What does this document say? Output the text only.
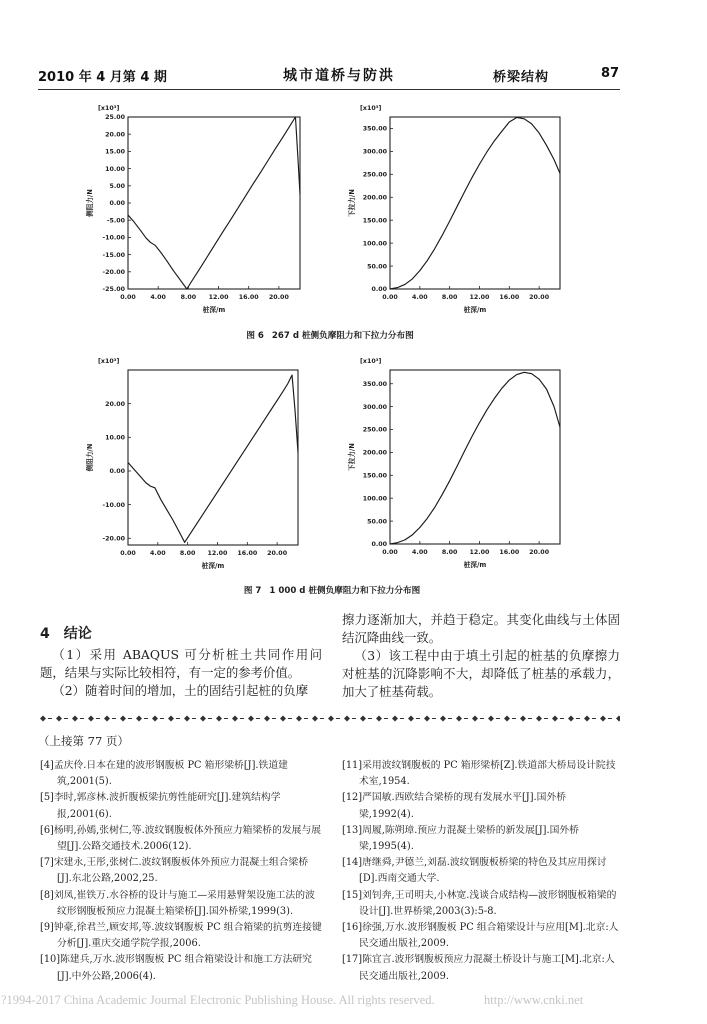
2010 年 4 月第 4 期	城市道桥与防洪	桥梁结构	87
25.00
20.00
15.00
10.00
5.00
0.00
-5.00
-10.00
-15.00
-20.00
-25.00
0.00 4.00 8.00 12.00 16.00 20.00
[x10³]
桩深/m
侧阻力/N
0.00
50.00
100.00
150.00
200.00
250.00
300.00
350.00
0.00 4.00 8.00 12.00 16.00 20.00
[x10³]
桩深/m
下拉力/N
图 6 267 d 桩侧负摩阻力和下拉力分布图
20.00
10.00
0.00
-10.00
-20.00
0.00 4.00 8.00 12.00 16.00 20.00
[x10³]
桩深/m
侧阻力/N
0.00
50.00
100.00
150.00
200.00
250.00
300.00
350.00
0.00 4.00 8.00 12.00 16.00 20.00
[x10³]
桩深/m
下拉力/N
图 7 1 000 d 桩侧负摩阻力和下拉力分布图
4 结论

（1）采用 ABAQUS 可分析桩土共同作用问题，结果与实际比较相符，有一定的参考价值。

（2）随着时间的增加，土的固结引起桩的负摩

擦力逐渐加大，并趋于稳定。其变化曲线与土体固结沉降曲线一致。

（3）该工程中由于填土引起的桩基的负摩擦力对桩基的沉降影响不大，却降低了桩基的承载力，加大了桩基荷载。

（上接第 77 页）
[4]孟庆伶.日本在建的波形钢腹板 PC 箱形梁桥[J].铁道建筑,2001(5).
[5]李时,郭彦林.波折腹板梁抗剪性能研究[J].建筑结构学报,2001(6).
[6]杨明,孙嫣,张树仁,等.波纹钢腹板体外预应力箱梁桥的发展与展望[J].公路交通技术.2006(12).
[7]宋建永,王彤,张树仁.波纹钢腹板体外预应力混凝土组合梁桥[J].东北公路,2002,25.
[8]刘凤,崔铁万.水谷桥的设计与施工—采用悬臂架设施工法的波纹形钢腹板预应力混凝土箱梁桥[J].国外桥梁,1999(3).
[9]钟豪,徐君兰,顾安邦,等.波纹钢腹板 PC 组合箱梁的抗剪连接键分析[J].重庆交通学院学报,2006.
[10]陈建兵,万水.波形钢腹板 PC 组合箱梁设计和施工方法研究[J].中外公路,2006(4).
[11]采用波纹钢腹板的 PC 箱形梁桥[Z].铁道部大桥局设计院技术室,1954.
[12]严国敏.西欧结合梁桥的现有发展水平[J].国外桥梁,1992(4).
[13]周履,陈朔璋.预应力混凝土梁桥的新发展[J].国外桥梁,1995(4).
[14]唐继舜,尹德兰,刘磊.波纹钢腹板桥梁的特色及其应用探讨[D].西南交通大学.
[15]刘钊奔,王司明夫,小林宽.浅谈合成结构—波形钢腹板箱梁的设计[J].世界桥梁,2003(3):5-8.
[16]徐强,万水.波形钢腹板 PC 组合箱梁设计与应用[M].北京:人民交通出版社,2009.
[17]陈宜言.波形钢腹板预应力混凝土桥设计与施工[M].北京:人民交通出版社,2009.
?1994-2017 China Academic Journal Electronic Publishing House. All rights reserved.	http://www.cnki.net
